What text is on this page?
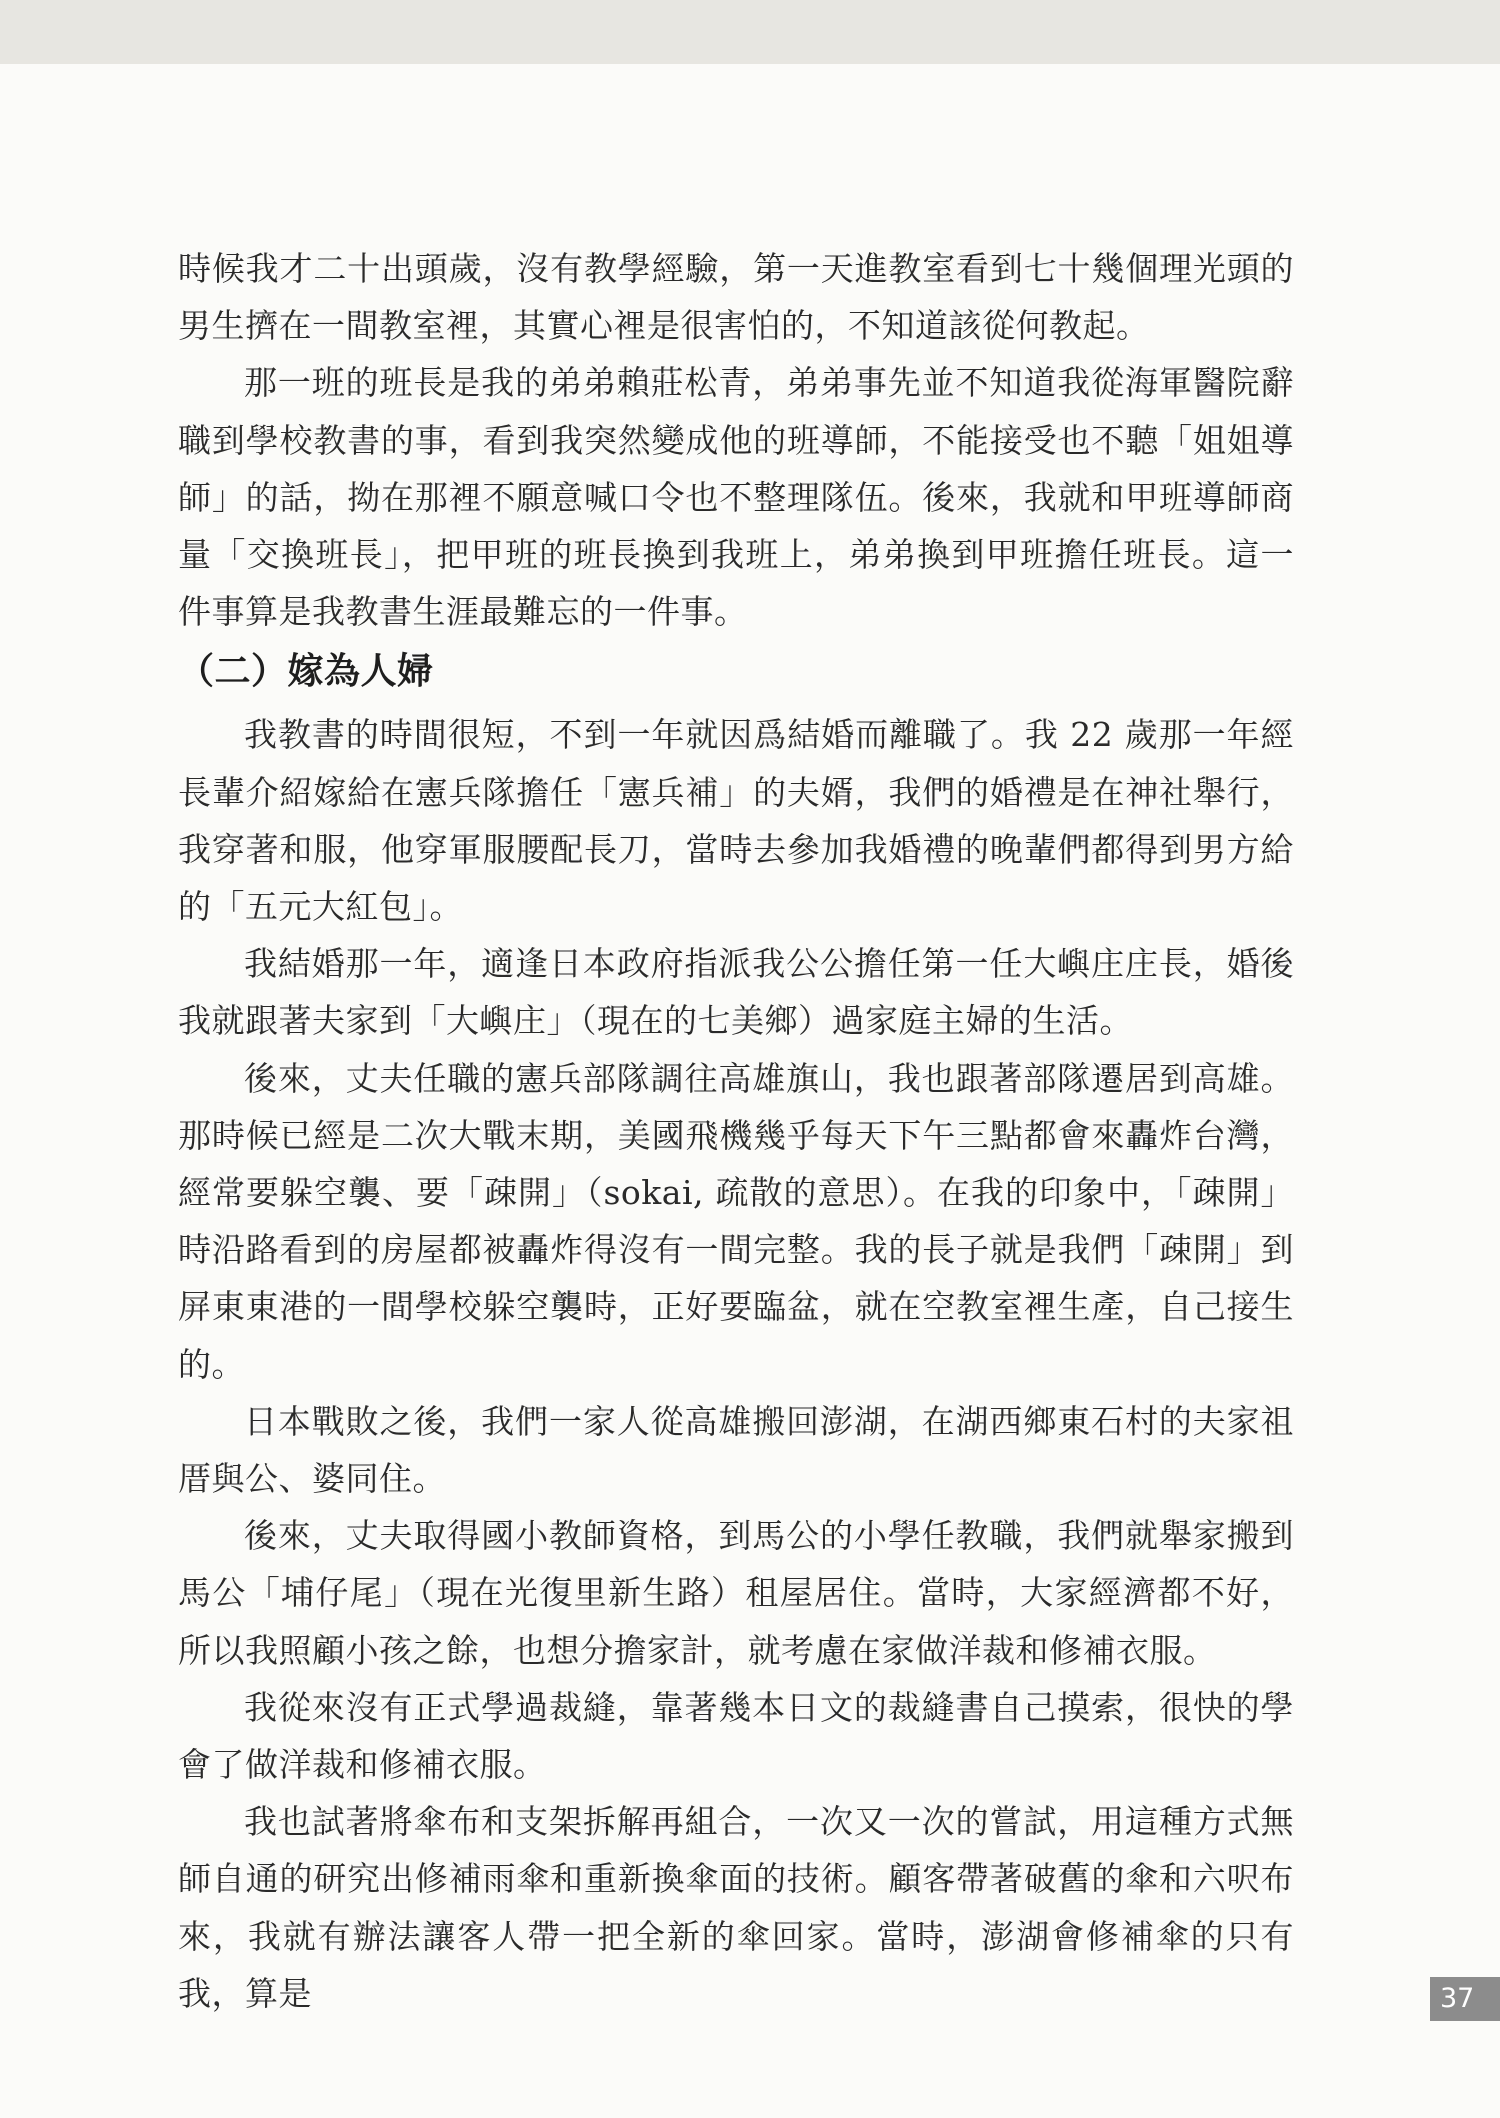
時候我才二十出頭歲，沒有教學經驗，第一天進教室看到七十幾個理光頭的男生擠在一間教室裡，其實心裡是很害怕的，不知道該從何教起。

那一班的班長是我的弟弟賴莊松青，弟弟事先並不知道我從海軍醫院辭職到學校教書的事，看到我突然變成他的班導師，不能接受也不聽「姐姐導師」的話，拗在那裡不願意喊口令也不整理隊伍。後來，我就和甲班導師商量「交換班長」，把甲班的班長換到我班上，弟弟換到甲班擔任班長。這一件事算是我教書生涯最難忘的一件事。

（二）嫁為人婦

我教書的時間很短，不到一年就因爲結婚而離職了。我 22 歲那一年經長輩介紹嫁給在憲兵隊擔任「憲兵補」的夫婿，我們的婚禮是在神社舉行，我穿著和服，他穿軍服腰配長刀，當時去參加我婚禮的晚輩們都得到男方給的「五元大紅包」。

我結婚那一年，適逢日本政府指派我公公擔任第一任大嶼庄庄長，婚後我就跟著夫家到「大嶼庄」（現在的七美鄉）過家庭主婦的生活。

後來，丈夫任職的憲兵部隊調往高雄旗山，我也跟著部隊遷居到高雄。那時候已經是二次大戰末期，美國飛機幾乎每天下午三點都會來轟炸台灣，經常要躲空襲、要「疎開」（sokai, 疏散的意思）。在我的印象中，「疎開」時沿路看到的房屋都被轟炸得沒有一間完整。我的長子就是我們「疎開」到屏東東港的一間學校躲空襲時，正好要臨盆，就在空教室裡生產，自己接生的。

日本戰敗之後，我們一家人從高雄搬回澎湖，在湖西鄉東石村的夫家祖厝與公、婆同住。

後來，丈夫取得國小教師資格，到馬公的小學任教職，我們就舉家搬到馬公「埔仔尾」（現在光復里新生路）租屋居住。當時，大家經濟都不好，所以我照顧小孩之餘，也想分擔家計，就考慮在家做洋裁和修補衣服。

我從來沒有正式學過裁縫，靠著幾本日文的裁縫書自己摸索，很快的學會了做洋裁和修補衣服。

我也試著將傘布和支架拆解再組合，一次又一次的嘗試，用這種方式無師自通的研究出修補雨傘和重新換傘面的技術。顧客帶著破舊的傘和六呎布來，我就有辦法讓客人帶一把全新的傘回家。當時，澎湖會修補傘的只有我，算是	37
